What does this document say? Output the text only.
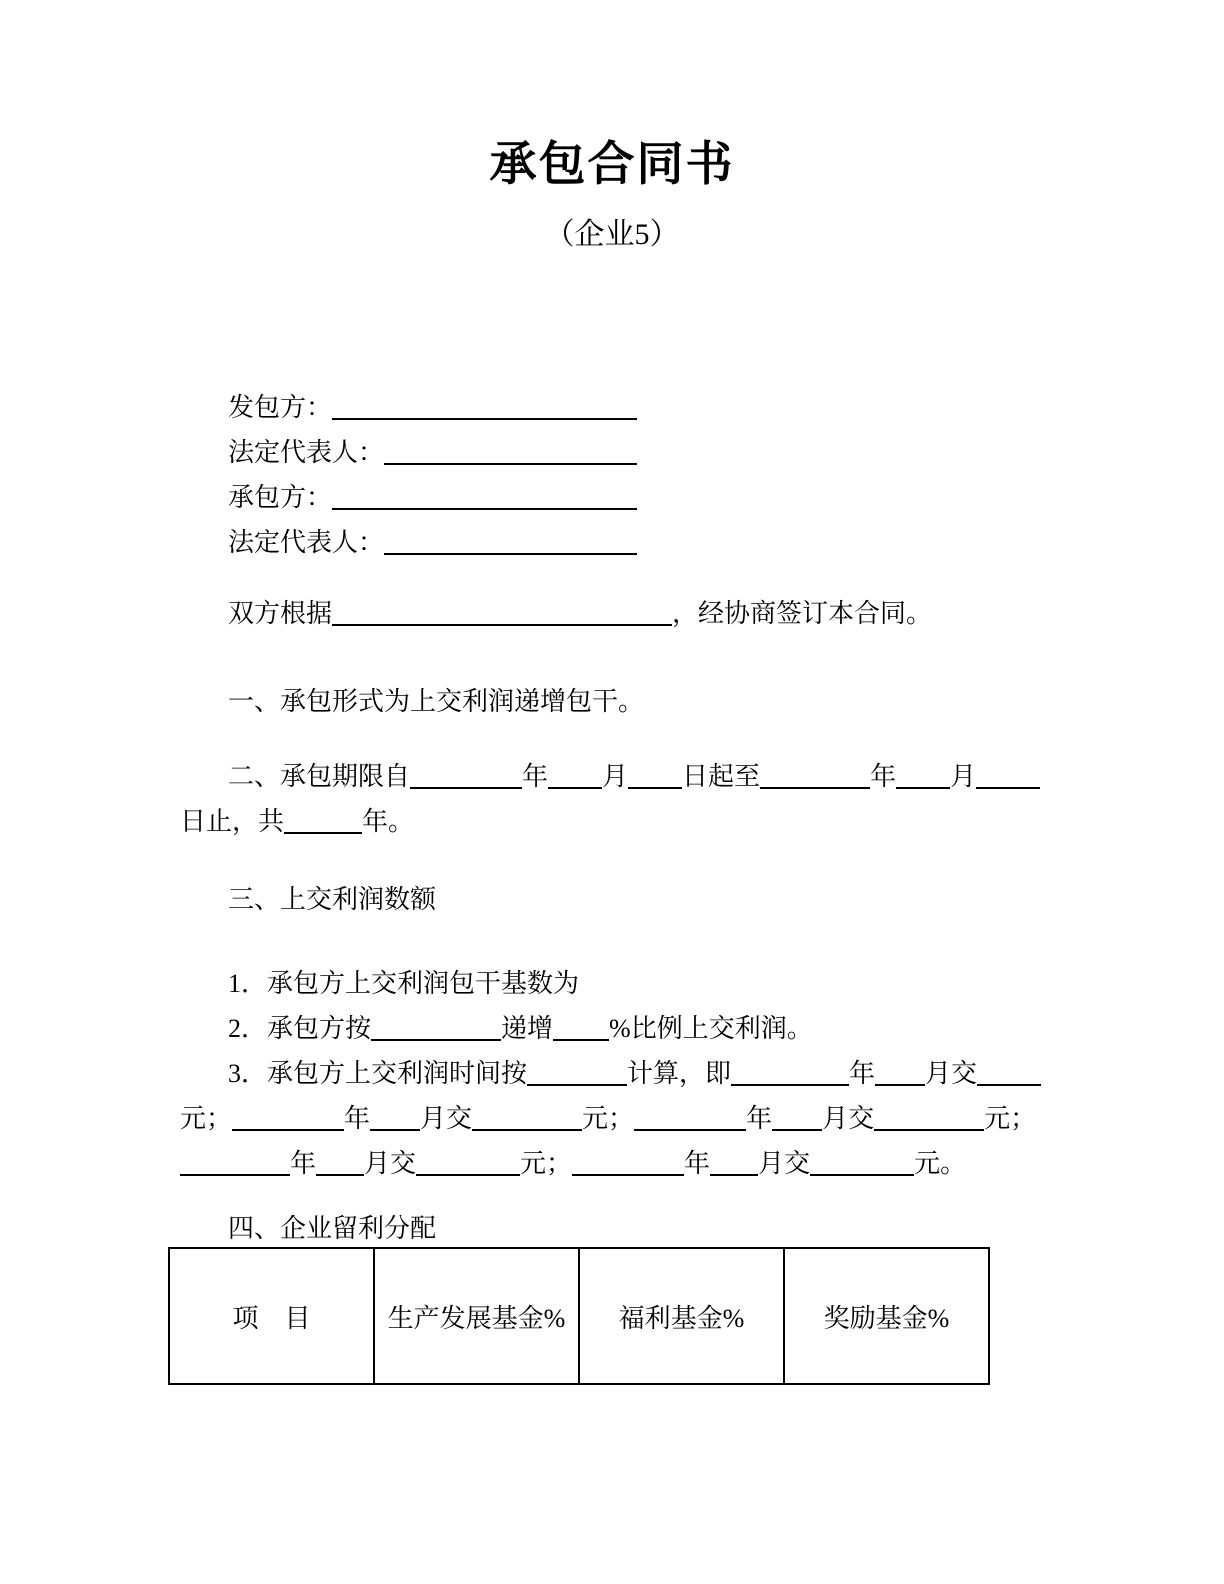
承包合同书
（企业5）

发包方：

法定代表人：

承包方：

法定代表人：

双方根据	，经协商签订本合同。

一、承包形式为上交利润递增包干。

二、承包期限自	年 月 日起至	年 月

日止，共	年。

三、上交利润数额

1．承包方上交利润包干基数为

2．承包方按	递增 %比例上交利润。

3．承包方上交利润时间按	计算，即	年 月交

元；	年 月交	元；	年 月交	元；

年 月交	元；	年 月交	元。

四、企业留利分配

项　目	生产发展基金%	福利基金%	奖励基金%
